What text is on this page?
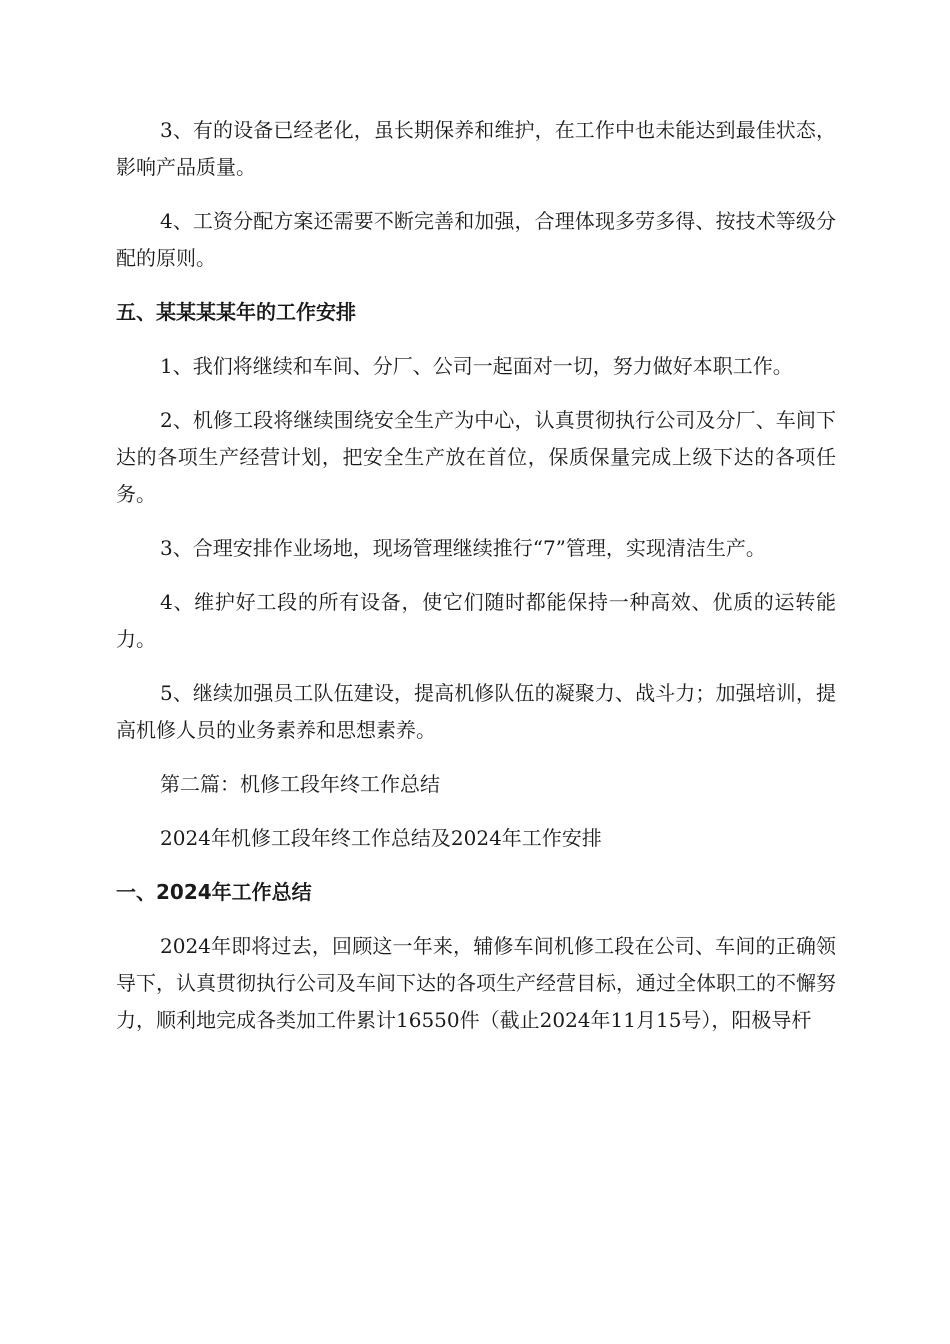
3、有的设备已经老化，虽长期保养和维护，在工作中也未能达到最佳状态，影响产品质量。

4、工资分配方案还需要不断完善和加强，合理体现多劳多得、按技术等级分配的原则。

五、某某某某年的工作安排

1、我们将继续和车间、分厂、公司一起面对一切，努力做好本职工作。

2、机修工段将继续围绕安全生产为中心，认真贯彻执行公司及分厂、车间下达的各项生产经营计划，把安全生产放在首位，保质保量完成上级下达的各项任务。

3、合理安排作业场地，现场管理继续推行“7”管理，实现清洁生产。

4、维护好工段的所有设备，使它们随时都能保持一种高效、优质的运转能力。

5、继续加强员工队伍建设，提高机修队伍的凝聚力、战斗力；加强培训，提高机修人员的业务素养和思想素养。

第二篇：机修工段年终工作总结

2024年机修工段年终工作总结及2024年工作安排

一、2024年工作总结

2024年即将过去，回顾这一年来，辅修车间机修工段在公司、车间的正确领导下，认真贯彻执行公司及车间下达的各项生产经营目标，通过全体职工的不懈努力，顺利地完成各类加工件累计16550件（截止2024年11月15号），阳极导杆
